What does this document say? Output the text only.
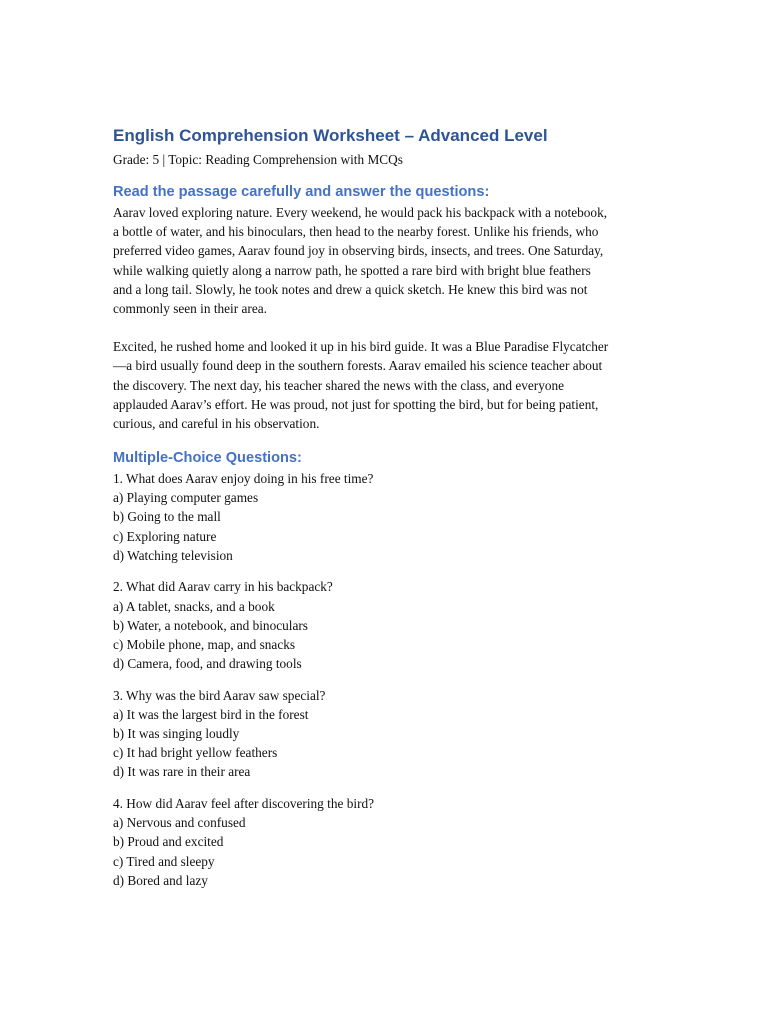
English Comprehension Worksheet – Advanced Level
Grade: 5 | Topic: Reading Comprehension with MCQs
Read the passage carefully and answer the questions:
Aarav loved exploring nature. Every weekend, he would pack his backpack with a notebook,
a bottle of water, and his binoculars, then head to the nearby forest. Unlike his friends, who
preferred video games, Aarav found joy in observing birds, insects, and trees. One Saturday,
while walking quietly along a narrow path, he spotted a rare bird with bright blue feathers
and a long tail. Slowly, he took notes and drew a quick sketch. He knew this bird was not
commonly seen in their area.
Excited, he rushed home and looked it up in his bird guide. It was a Blue Paradise Flycatcher
—a bird usually found deep in the southern forests. Aarav emailed his science teacher about
the discovery. The next day, his teacher shared the news with the class, and everyone
applauded Aarav’s effort. He was proud, not just for spotting the bird, but for being patient,
curious, and careful in his observation.
Multiple-Choice Questions:
1. What does Aarav enjoy doing in his free time?
a) Playing computer games
b) Going to the mall
c) Exploring nature
d) Watching television
2. What did Aarav carry in his backpack?
a) A tablet, snacks, and a book
b) Water, a notebook, and binoculars
c) Mobile phone, map, and snacks
d) Camera, food, and drawing tools
3. Why was the bird Aarav saw special?
a) It was the largest bird in the forest
b) It was singing loudly
c) It had bright yellow feathers
d) It was rare in their area
4. How did Aarav feel after discovering the bird?
a) Nervous and confused
b) Proud and excited
c) Tired and sleepy
d) Bored and lazy
